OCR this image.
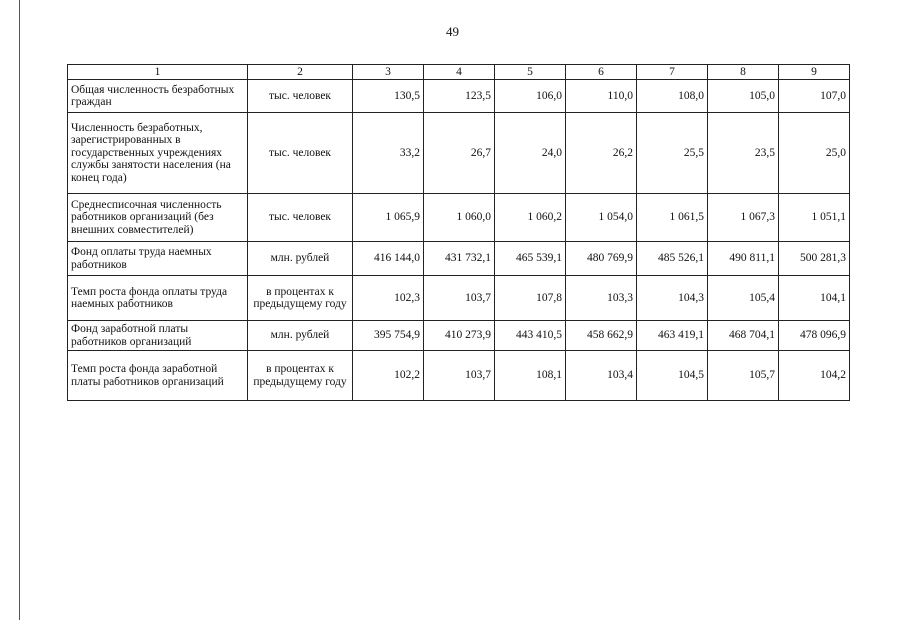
49
1	2	3	4	5	6	7	8	9
Общая численность безработных граждан	тыс. человек	130,5	123,5	106,0	110,0	108,0	105,0	107,0
Численность безработных, зарегистрированных в государственных учреждениях службы занятости населения (на конец года)	тыс. человек	33,2	26,7	24,0	26,2	25,5	23,5	25,0
Среднесписочная численность работников организаций (без внешних совместителей)	тыс. человек	1 065,9	1 060,0	1 060,2	1 054,0	1 061,5	1 067,3	1 051,1
Фонд оплаты труда наемных работников	млн. рублей	416 144,0	431 732,1	465 539,1	480 769,9	485 526,1	490 811,1	500 281,3
Темп роста фонда оплаты труда наемных работников	в процентах к предыдущему году	102,3	103,7	107,8	103,3	104,3	105,4	104,1
Фонд заработной платы работников организаций	млн. рублей	395 754,9	410 273,9	443 410,5	458 662,9	463 419,1	468 704,1	478 096,9
Темп роста фонда заработной платы работников организаций	в процентах к предыдущему году	102,2	103,7	108,1	103,4	104,5	105,7	104,2
